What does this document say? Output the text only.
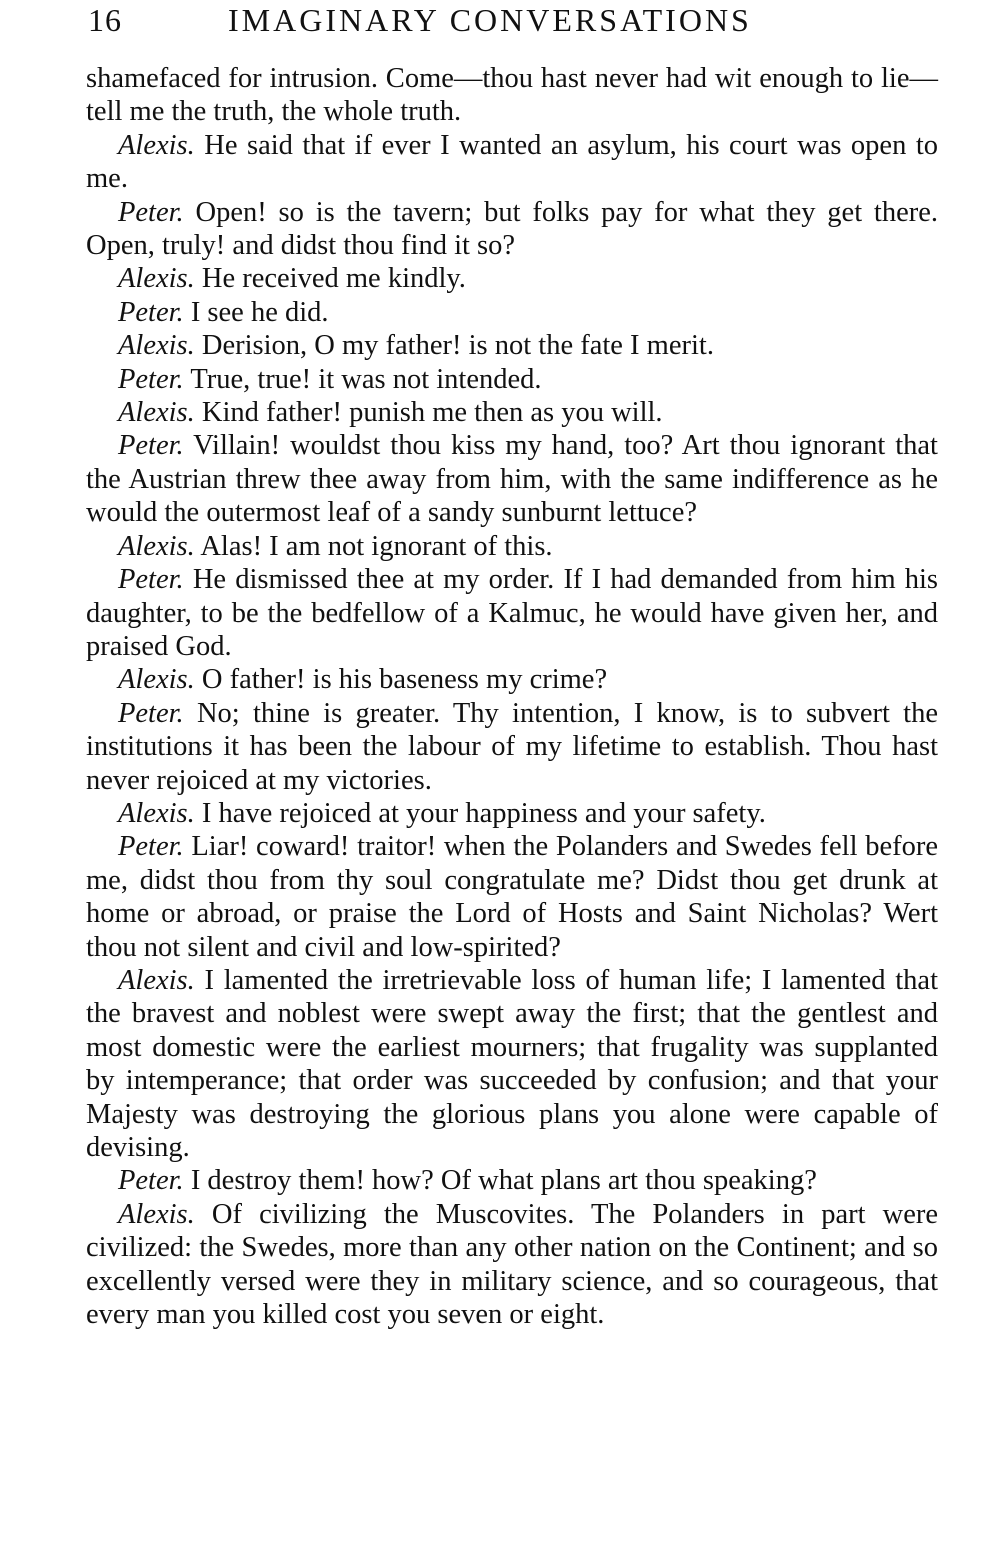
16	IMAGINARY CONVERSATIONS

shamefaced for intrusion. Come—thou hast never had wit enough to lie—tell me the truth, the whole truth.

Alexis. He said that if ever I wanted an asylum, his court was open to me.

Peter. Open! so is the tavern; but folks pay for what they get there. Open, truly! and didst thou find it so?

Alexis. He received me kindly.

Peter. I see he did.

Alexis. Derision, O my father! is not the fate I merit.

Peter. True, true! it was not intended.

Alexis. Kind father! punish me then as you will.

Peter. Villain! wouldst thou kiss my hand, too? Art thou ignorant that the Austrian threw thee away from him, with the same indifference as he would the outermost leaf of a sandy sunburnt lettuce?

Alexis. Alas! I am not ignorant of this.

Peter. He dismissed thee at my order. If I had demanded from him his daughter, to be the bedfellow of a Kalmuc, he would have given her, and praised God.

Alexis. O father! is his baseness my crime?

Peter. No; thine is greater. Thy intention, I know, is to subvert the institutions it has been the labour of my lifetime to establish. Thou hast never rejoiced at my victories.

Alexis. I have rejoiced at your happiness and your safety.

Peter. Liar! coward! traitor! when the Polanders and Swedes fell before me, didst thou from thy soul congratulate me? Didst thou get drunk at home or abroad, or praise the Lord of Hosts and Saint Nicholas? Wert thou not silent and civil and low-spirited?

Alexis. I lamented the irretrievable loss of human life; I lamented that the bravest and noblest were swept away the first; that the gentlest and most domestic were the earliest mourners; that frugality was supplanted by intemperance; that order was succeeded by confusion; and that your Majesty was destroying the glorious plans you alone were capable of devising.

Peter. I destroy them! how? Of what plans art thou speaking?

Alexis. Of civilizing the Muscovites. The Polanders in part were civilized: the Swedes, more than any other nation on the Continent; and so excellently versed were they in military science, and so courageous, that every man you killed cost you seven or eight.
